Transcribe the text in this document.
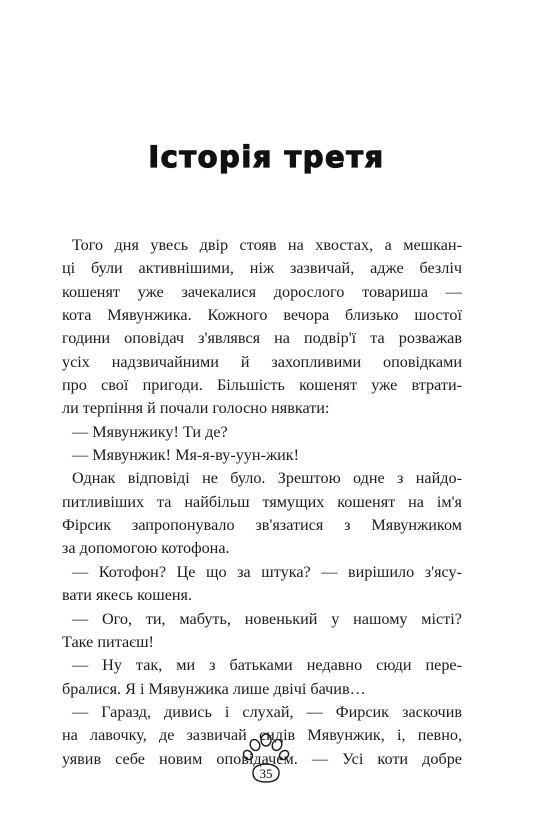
Історія третя
Того дня увесь двір стояв на хвостах, а мешкан-
ці були активнішими, ніж зазвичай, адже безліч
кошенят уже зачекалися дорослого товариша —
кота Мявунжика. Кожного вечора близько шостої
години оповідач з'являвся на подвір'ї та розважав
усіх надзвичайними й захопливими оповідками
про свої пригоди. Більшість кошенят уже втрати-
ли терпіння й почали голосно нявкати:
— Мявунжику! Ти де?
— Мявунжик! Мя-я-ву-уун-жик!
Однак відповіді не було. Зрештою одне з найдо-
питливіших та найбільш тямущих кошенят на ім'я
Фірсик запропонувало зв'язатися з Мявунжиком
за допомогою котофона.
— Котофон? Це що за штука? — вирішило з'ясу-
вати якесь кошеня.
— Ого, ти, мабуть, новенький у нашому місті?
Таке питаєш!
— Ну так, ми з батьками недавно сюди пере-
бралися. Я і Мявунжика лише двічі бачив…
— Гаразд, дивись і слухай, — Фирсик заскочив
на лавочку, де зазвичай сидів Мявунжик, і, певно,
уявив себе новим оповідачем. — Усі коти добре
35
